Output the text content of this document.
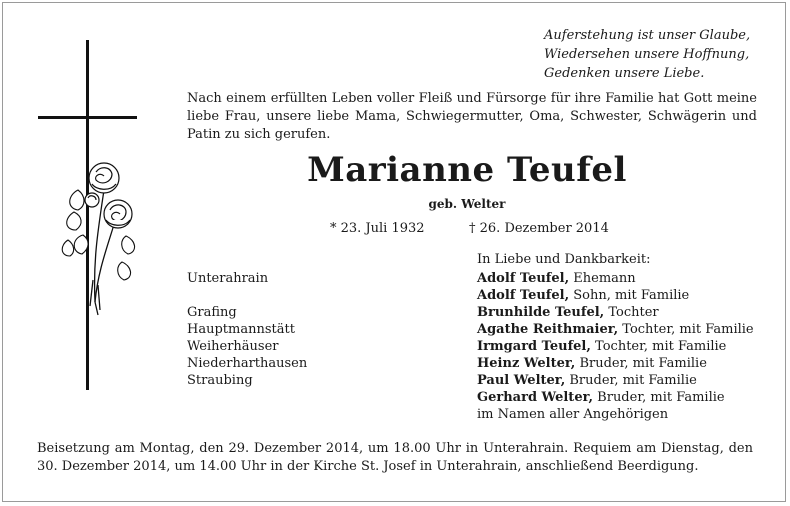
Auferstehung ist unser Glaube,
Wiedersehen unsere Hoffnung,
Gedenken unsere Liebe.
Nach einem erfüllten Leben voller Fleiß und Fürsorge für ihre Familie hat Gott meine liebe Frau, unsere liebe Mama, Schwiegermutter, Oma, Schwester, Schwägerin und Patin zu sich gerufen.
Marianne Teufel
geb. Welter
* 23. Juli 1932	† 26. Dezember 2014
In Liebe und Dankbarkeit:
Unterahrain
Grafing
Hauptmannstätt
Weiherhäuser
Niederharthausen
Straubing
Adolf Teufel, Ehemann
Adolf Teufel, Sohn, mit Familie
Brunhilde Teufel, Tochter
Agathe Reithmaier, Tochter, mit Familie
Irmgard Teufel, Tochter, mit Familie
Heinz Welter, Bruder, mit Familie
Paul Welter, Bruder, mit Familie
Gerhard Welter, Bruder, mit Familie
im Namen aller Angehörigen
Beisetzung am Montag, den 29. Dezember 2014, um 18.00 Uhr in Unterahrain. Requiem am Dienstag, den 30. Dezember 2014, um 14.00 Uhr in der Kirche St. Josef in Unterahrain, anschließend Beerdigung.
